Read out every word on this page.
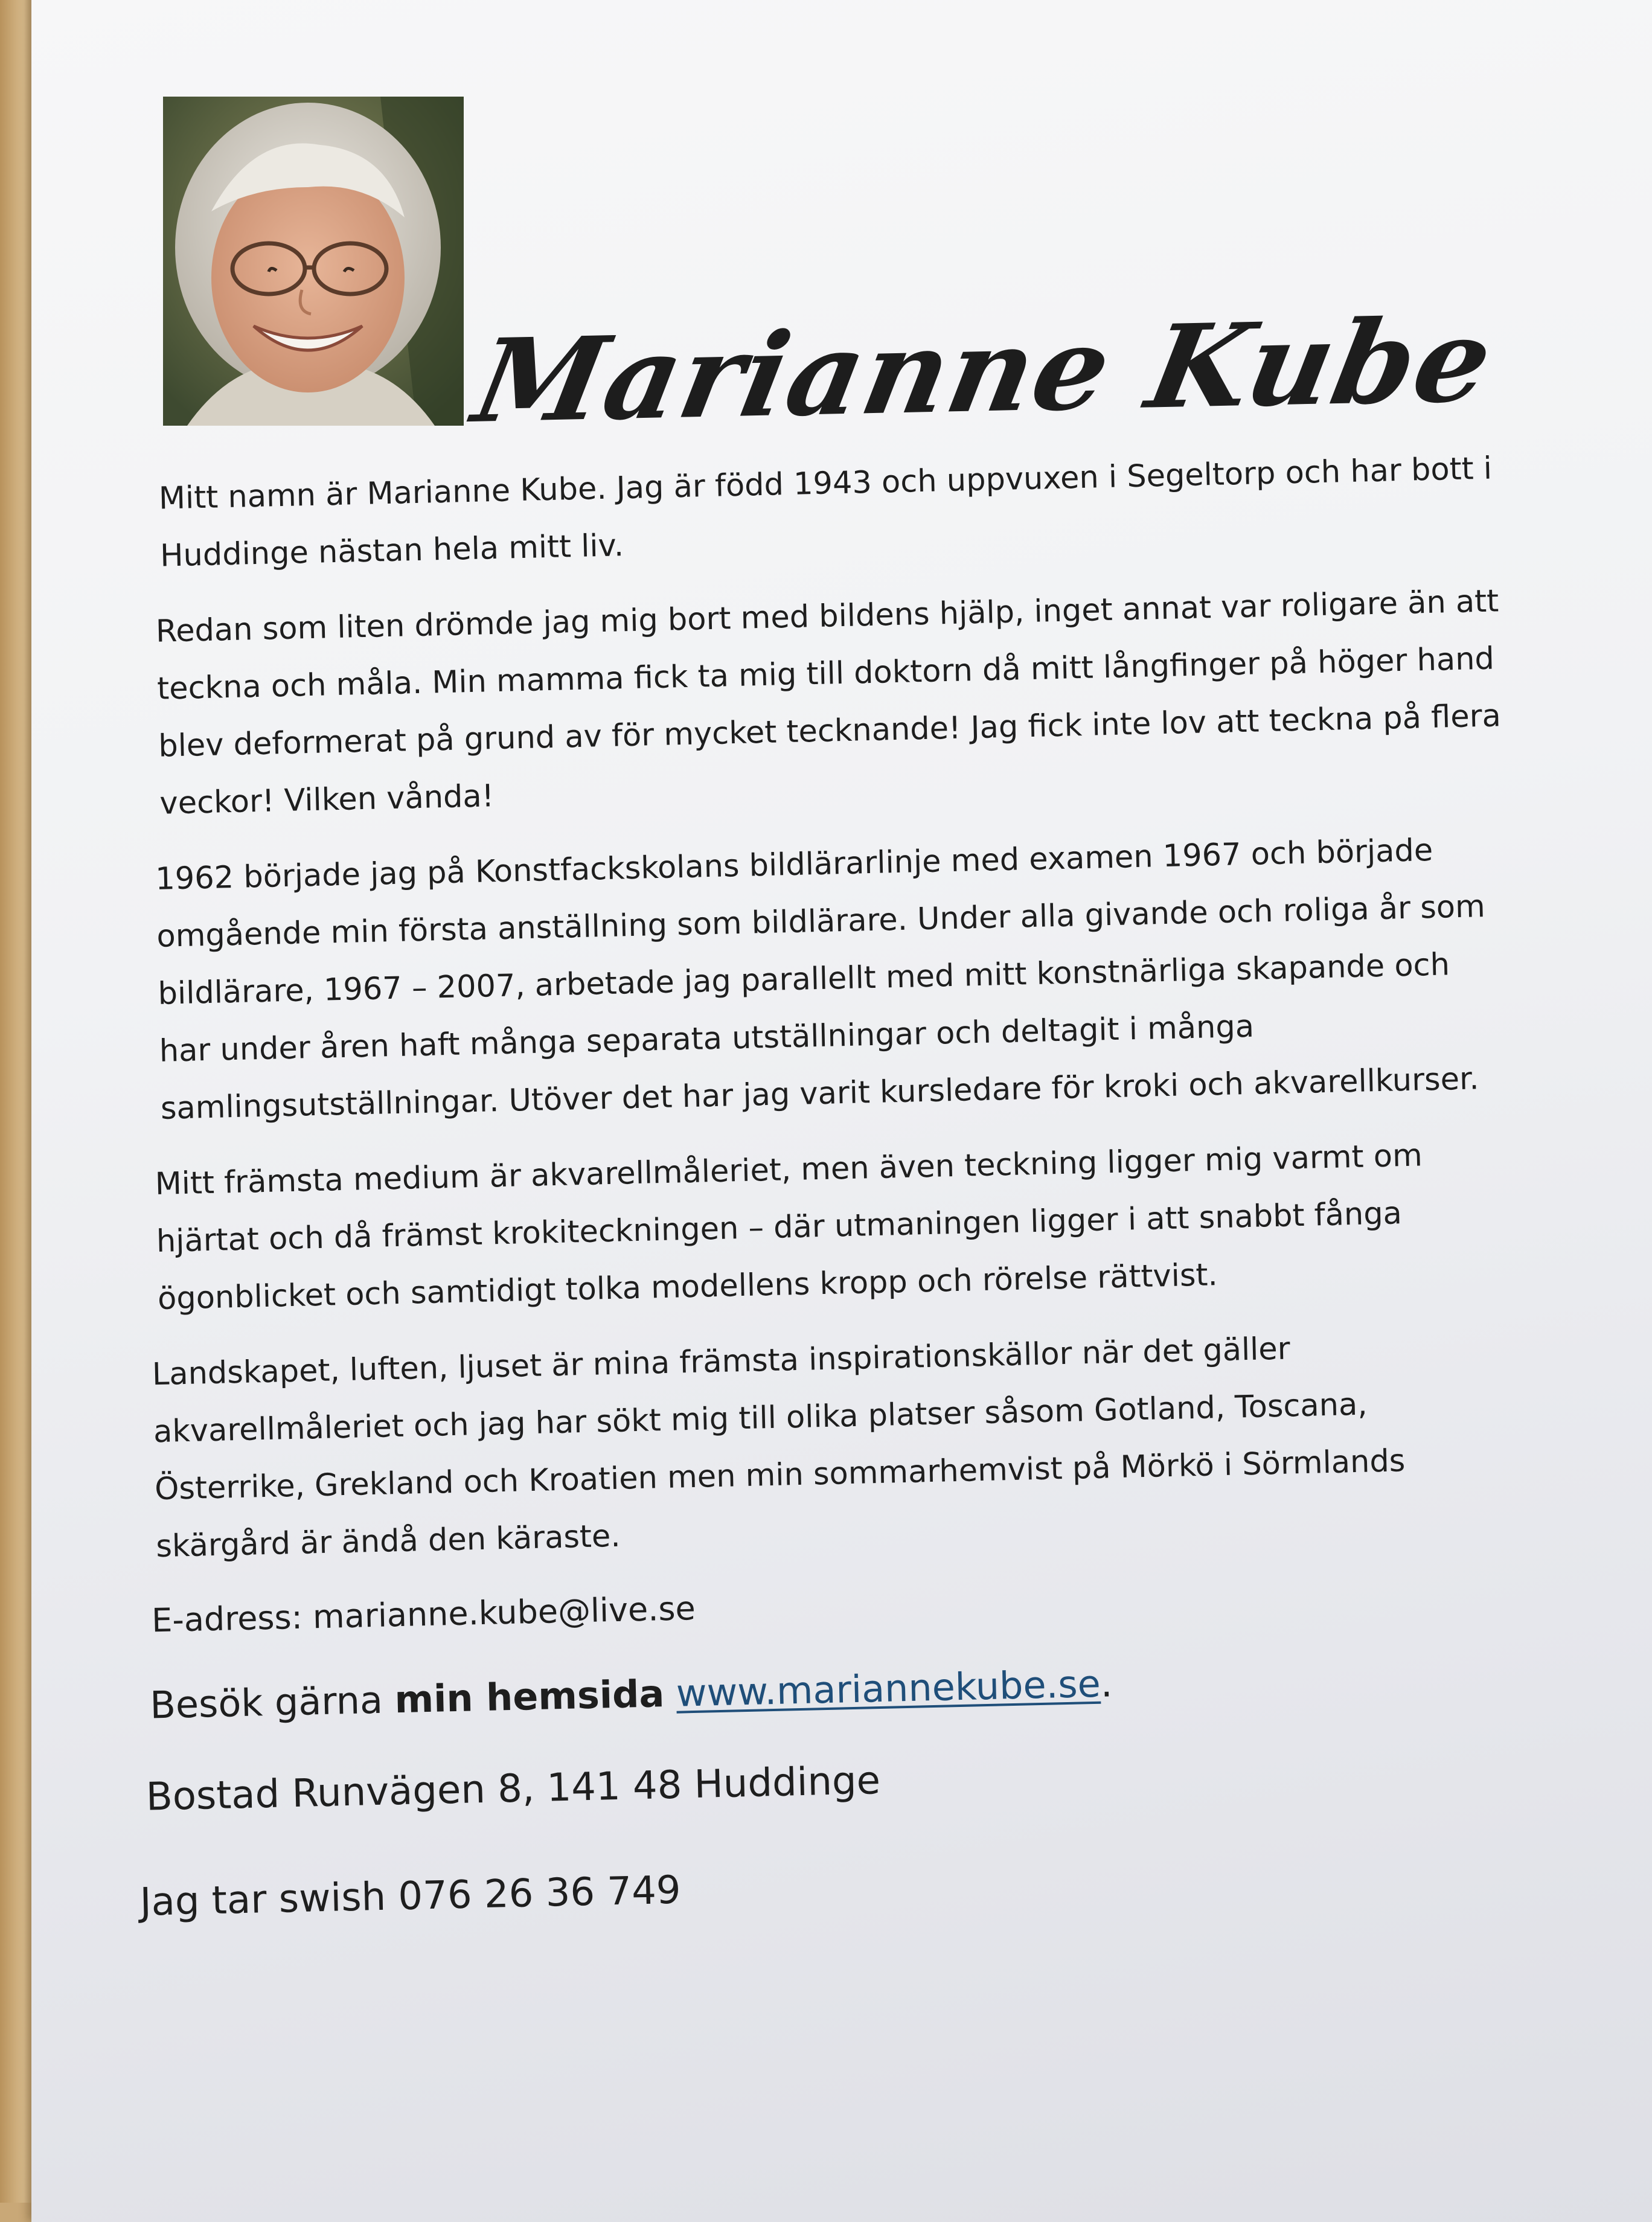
Marianne Kube

Mitt namn är Marianne Kube. Jag är född 1943 och uppvuxen i Segeltorp och har bott i Huddinge nästan hela mitt liv.

Redan som liten drömde jag mig bort med bildens hjälp, inget annat var roligare än att teckna och måla. Min mamma fick ta mig till doktorn då mitt långfinger på höger hand blev deformerat på grund av för mycket tecknande! Jag fick inte lov att teckna på flera veckor! Vilken vånda!

1962 började jag på Konstfackskolans bildlärarlinje med examen 1967 och började omgående min första anställning som bildlärare. Under alla givande och roliga år som bildlärare, 1967 – 2007, arbetade jag parallellt med mitt konstnärliga skapande och har under åren haft många separata utställningar och deltagit i många samlingsutställningar. Utöver det har jag varit kursledare för kroki och akvarellkurser.

Mitt främsta medium är akvarellmåleriet, men även teckning ligger mig varmt om hjärtat och då främst krokiteckningen – där utmaningen ligger i att snabbt fånga ögonblicket och samtidigt tolka modellens kropp och rörelse rättvist.

Landskapet, luften, ljuset är mina främsta inspirationskällor när det gäller akvarellmåleriet och jag har sökt mig till olika platser såsom Gotland, Toscana, Österrike, Grekland och Kroatien men min sommarhemvist på Mörkö i Sörmlands skärgård är ändå den käraste.

E-adress: marianne.kube@live.se

Besök gärna min hemsida www.mariannekube.se.

Bostad Runvägen 8, 141 48 Huddinge

Jag tar swish 076 26 36 749
